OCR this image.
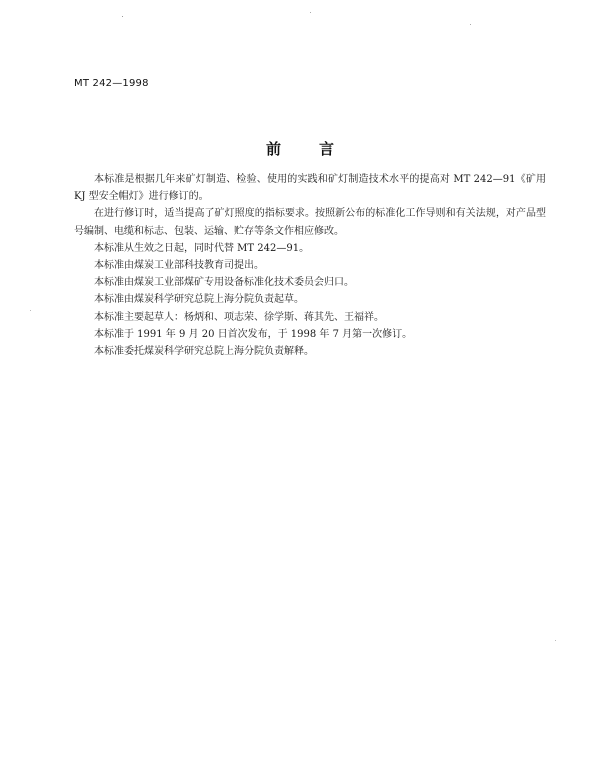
MT 242—1998
前言

本标准是根据几年来矿灯制造、检验、使用的实践和矿灯制造技术水平的提高对 MT 242—91《矿用 KJ 型安全帽灯》进行修订的。

在进行修订时，适当提高了矿灯照度的指标要求。按照新公布的标准化工作导则和有关法规，对产品型号编制、电缆和标志、包装、运输、贮存等条文作相应修改。

本标准从生效之日起，同时代替 MT 242—91。

本标准由煤炭工业部科技教育司提出。

本标准由煤炭工业部煤矿专用设备标准化技术委员会归口。

本标准由煤炭科学研究总院上海分院负责起草。

本标准主要起草人：杨炳和、项志荣、徐学斯、蒋其先、王福祥。

本标准于 1991 年 9 月 20 日首次发布，于 1998 年 7 月第一次修订。

本标准委托煤炭科学研究总院上海分院负责解释。
